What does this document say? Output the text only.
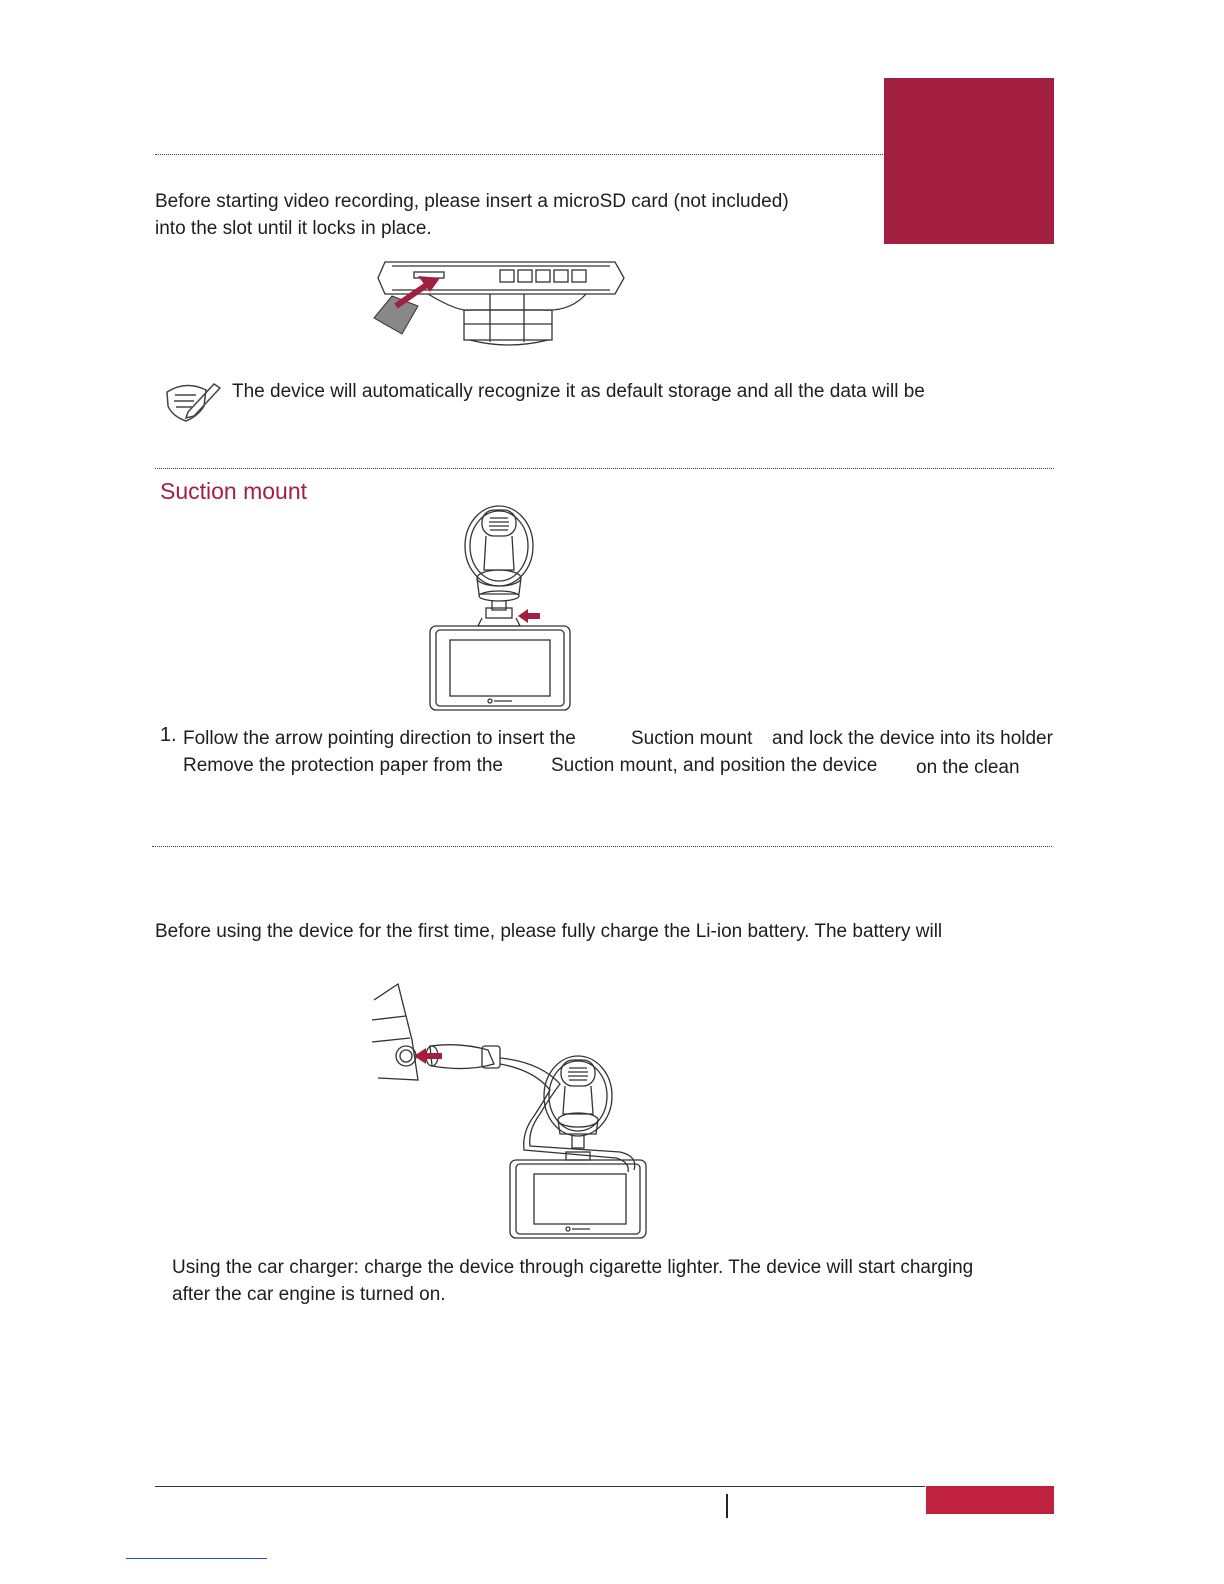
Before starting video recording, please insert a microSD card (not included)
into the slot until it locks in place.
The device will automatically recognize it as default storage and all the data will be
Suction mount
1. Follow the arrow pointing direction to insert the	Suction mount and lock the device into its holder
Remove the protection paper from the	Suction mount, and position the device on the clean
Before using the device for the first time, please fully charge the Li-ion battery. The battery will
Using the car charger: charge the device through cigarette lighter. The device will start charging
after the car engine is turned on.
